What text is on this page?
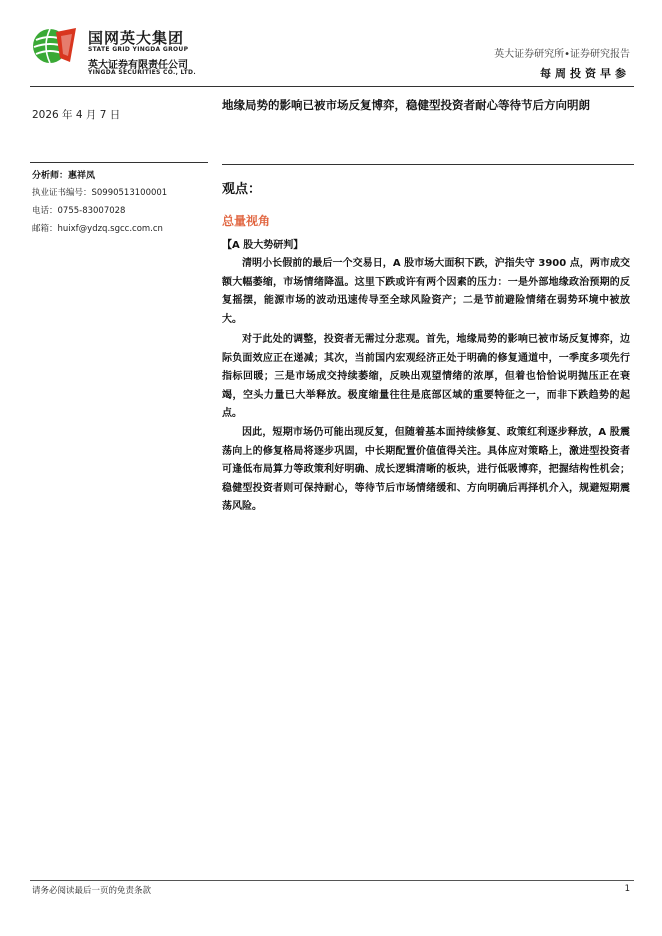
国网英大集团
STATE GRID YINGDA GROUP
英大证券有限责任公司
YINGDA SECURITIES CO., LTD.
英大证券研究所•证券研究报告
每周投资早参
2026 年 4 月 7 日
分析师：惠祥凤
执业证书编号：S0990513100001
电话：0755-83007028
邮箱：huixf@ydzq.sgcc.com.cn
地缘局势的影响已被市场反复博弈，稳健型投资者耐心等待节后方向明朗
观点：
总量视角
【A 股大势研判】
清明小长假前的最后一个交易日，A 股市场大面积下跌，沪指失守 3900 点，两市成交额大幅萎缩，市场情绪降温。这里下跌或许有两个因素的压力：一是外部地缘政治预期的反复摇摆，能源市场的波动迅速传导至全球风险资产；二是节前避险情绪在弱势环境中被放大。
对于此处的调整，投资者无需过分悲观。首先，地缘局势的影响已被市场反复博弈，边际负面效应正在递减；其次，当前国内宏观经济正处于明确的修复通道中，一季度多项先行指标回暖；三是市场成交持续萎缩，反映出观望情绪的浓厚，但着也恰恰说明抛压正在衰竭，空头力量已大举释放。极度缩量往往是底部区域的重要特征之一，而非下跌趋势的起点。
因此，短期市场仍可能出现反复，但随着基本面持续修复、政策红利逐步释放，A 股震荡向上的修复格局将逐步巩固，中长期配置价值值得关注。具体应对策略上，激进型投资者可逢低布局算力等政策利好明确、成长逻辑清晰的板块，进行低吸博弈，把握结构性机会；稳健型投资者则可保持耐心，等待节后市场情绪缓和、方向明确后再择机介入，规避短期震荡风险。
请务必阅读最后一页的免责条款	1
